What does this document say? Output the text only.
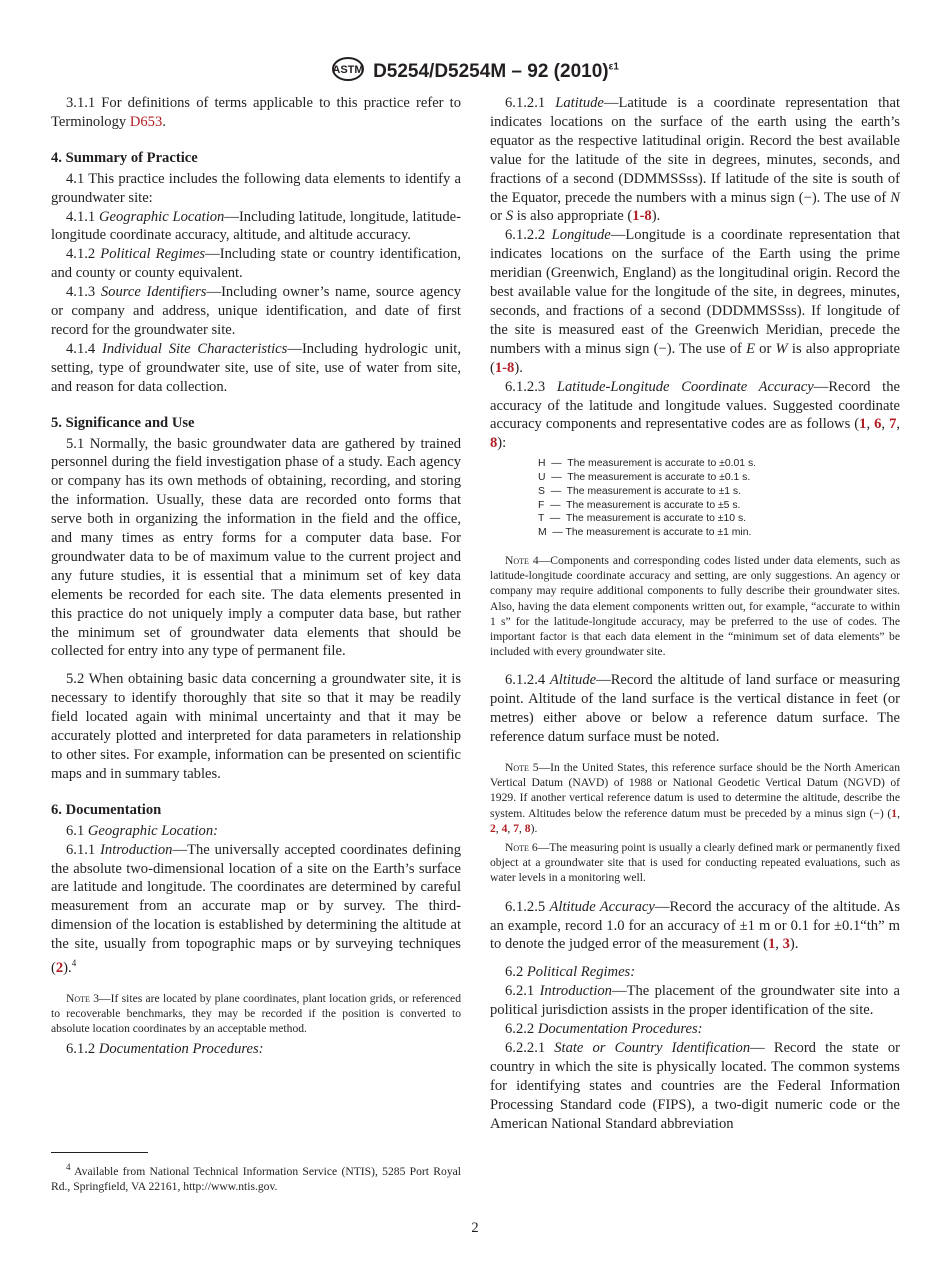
ASTM D5254/D5254M – 92 $(2010)^{\varepsilon 1}$
3.1.1 For definitions of terms applicable to this practice refer to Terminology D653.
4. Summary of Practice
4.1 This practice includes the following data elements to identify a groundwater site:
4.1.1 Geographic Location—Including latitude, longitude, latitude-longitude coordinate accuracy, altitude, and altitude accuracy.
4.1.2 Political Regimes—Including state or country identification, and county or county equivalent.
4.1.3 Source Identifiers—Including owner’s name, source agency or company and address, unique identification, and date of first record for the groundwater site.
4.1.4 Individual Site Characteristics—Including hydrologic unit, setting, type of groundwater site, use of site, use of water from site, and reason for data collection.
5. Significance and Use
5.1 Normally, the basic groundwater data are gathered by trained personnel during the field investigation phase of a study. Each agency or company has its own methods of obtaining, recording, and storing the information. Usually, these data are recorded onto forms that serve both in organizing the information in the field and the office, and many times as entry forms for a computer data base. For groundwater data to be of maximum value to the current project and any future studies, it is essential that a minimum set of key data elements be recorded for each site. The data elements presented in this practice do not uniquely imply a computer data base, but rather the minimum set of groundwater data elements that should be collected for entry into any type of permanent file.
5.2 When obtaining basic data concerning a groundwater site, it is necessary to identify thoroughly that site so that it may be readily field located again with minimal uncertainty and that it may be accurately plotted and interpreted for data parameters in relationship to other sites. For example, information can be presented on scientific maps and in summary tables.
6. Documentation
6.1 Geographic Location:
6.1.1 Introduction—The universally accepted coordinates defining the absolute two-dimensional location of a site on the Earth’s surface are latitude and longitude. The coordinates are determined by careful measurement from an accurate map or by survey. The third-dimension of the location is established by determining the altitude at the site, usually from topographic maps or by surveying techniques (2).$^4$
Note 3—If sites are located by plane coordinates, plant location grids, or referenced to recoverable benchmarks, they may be recorded if the position is converted to absolute location coordinates by an acceptable method.
6.1.2 Documentation Procedures:
6.1.2.1 Latitude—Latitude is a coordinate representation that indicates locations on the surface of the earth using the earth’s equator as the respective latitudinal origin. Record the best available value for the latitude of the site in degrees, minutes, seconds, and fractions of a second (DDMMSSss). If latitude of the site is south of the Equator, precede the numbers with a minus sign (−). The use of N or S is also appropriate (1-8).
6.1.2.2 Longitude—Longitude is a coordinate representation that indicates locations on the surface of the Earth using the prime meridian (Greenwich, England) as the longitudinal origin. Record the best available value for the longitude of the site, in degrees, minutes, seconds, and fractions of a second (DDDMMSSss). If longitude of the site is measured east of the Greenwich Meridian, precede the numbers with a minus sign (−). The use of E or W is also appropriate (1-8).
6.1.2.3 Latitude-Longitude Coordinate Accuracy—Record the accuracy of the latitude and longitude values. Suggested coordinate accuracy components and representative codes are as follows (1, 6, 7, 8):
H  —  The measurement is accurate to ±0.01 s.
U  —  The measurement is accurate to ±0.1 s.
S  —  The measurement is accurate to ±1 s.
F  —  The measurement is accurate to ±5 s.
T  —  The measurement is accurate to ±10 s.
M  — The measurement is accurate to ±1 min.
Note 4—Components and corresponding codes listed under data elements, such as latitude-longitude coordinate accuracy and setting, are only suggestions. An agency or company may require additional components to fully describe their groundwater sites. Also, having the data element components written out, for example, “accurate to within 1 s” for the latitude-longitude accuracy, may be preferred to the use of codes. The important factor is that each data element in the “minimum set of data elements” be included with every groundwater site.
6.1.2.4 Altitude—Record the altitude of land surface or measuring point. Altitude of the land surface is the vertical distance in feet (or metres) either above or below a reference datum surface. The reference datum surface must be noted.
Note 5—In the United States, this reference surface should be the North American Vertical Datum (NAVD) of 1988 or National Geodetic Vertical Datum (NGVD) of 1929. If another vertical reference datum is used to determine the altitude, describe the system. Altitudes below the reference datum must be preceded by a minus sign (−) (1, 2, 4, 7, 8).
Note 6—The measuring point is usually a clearly defined mark or permanently fixed object at a groundwater site that is used for conducting repeated evaluations, such as water levels in a monitoring well.
6.1.2.5 Altitude Accuracy—Record the accuracy of the altitude. As an example, record 1.0 for an accuracy of ±1 m or 0.1 for ±0.1“th” m to denote the judged error of the measurement (1, 3).
6.2 Political Regimes:
6.2.1 Introduction—The placement of the groundwater site into a political jurisdiction assists in the proper identification of the site.
6.2.2 Documentation Procedures:
6.2.2.1 State or Country Identification— Record the state or country in which the site is physically located. The common systems for identifying states and countries are the Federal Information Processing Standard code (FIPS), a two-digit numeric code or the American National Standard abbreviation
$^4$ Available from National Technical Information Service (NTIS), 5285 Port Royal Rd., Springfield, VA 22161, http://www.ntis.gov.
2
